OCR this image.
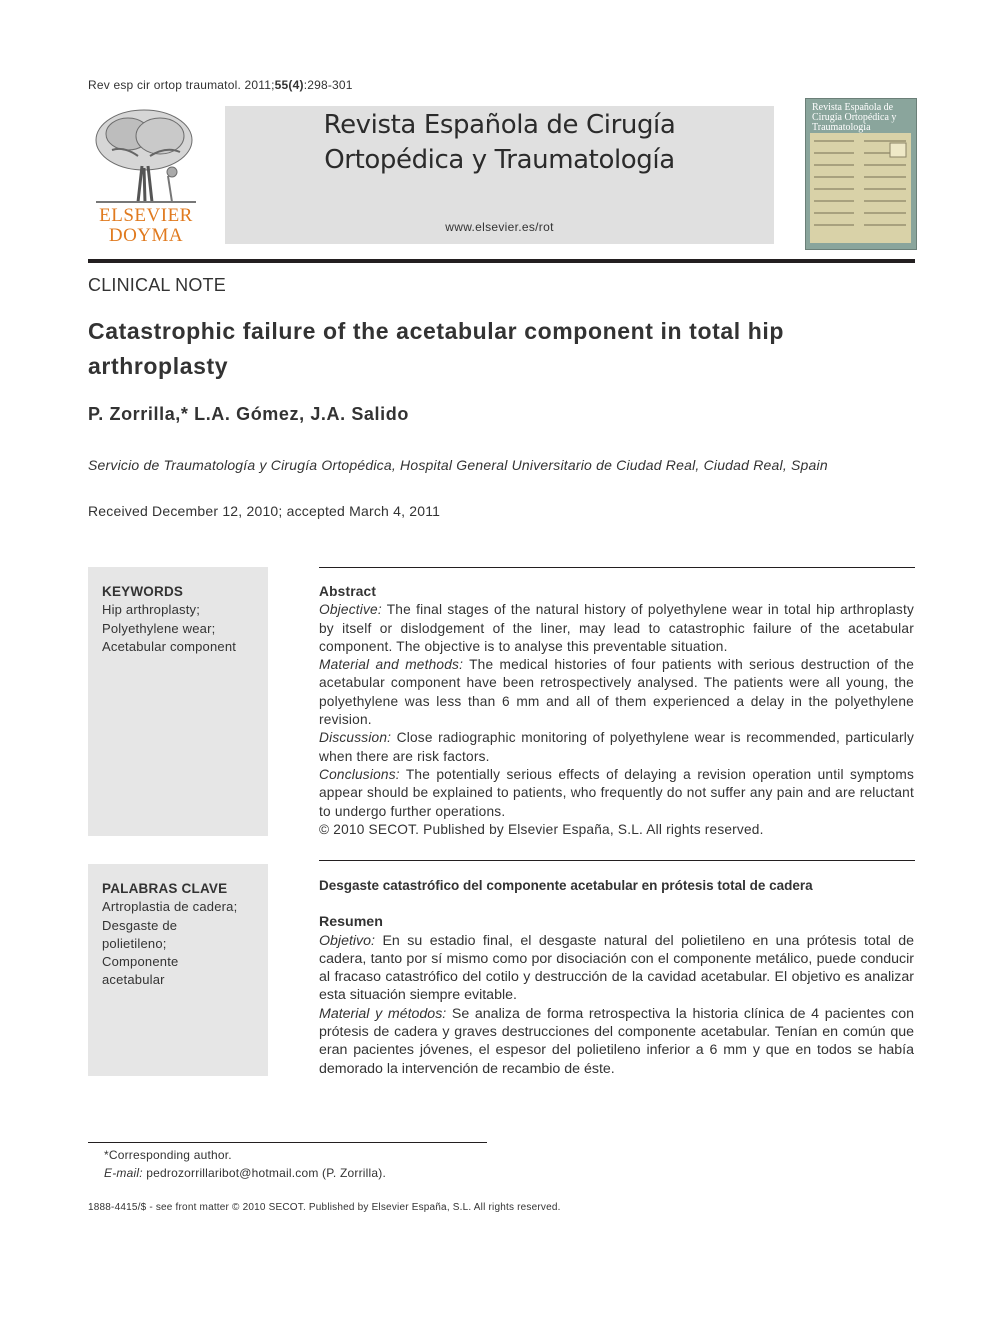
Rev esp cir ortop traumatol. 2011;55(4):298-301
ELSEVIER
DOYMA
Revista Española de Cirugía
Ortopédica y Traumatología
www.elsevier.es/rot
Revista Española de Cirugía Ortopédica y Traumatología
CLINICAL NOTE
Catastrophic failure of the acetabular component in total hip arthroplasty
P. Zorrilla,* L.A. Gómez, J.A. Salido
Servicio de Traumatología y Cirugía Ortopédica, Hospital General Universitario de Ciudad Real, Ciudad Real, Spain
Received December 12, 2010; accepted March 4, 2011
KEYWORDS
Hip arthroplasty;
Polyethylene wear;
Acetabular component

Abstract

Objective: The final stages of the natural history of polyethylene wear in total hip arthroplasty by itself or dislodgement of the liner, may lead to catastrophic failure of the acetabular component. The objective is to analyse this preventable situation.

Material and methods: The medical histories of four patients with serious destruction of the acetabular component have been retrospectively analysed. The patients were all young, the polyethylene was less than 6 mm and all of them experienced a delay in the polyethylene revision.

Discussion: Close radiographic monitoring of polyethylene wear is recommended, particularly when there are risk factors.

Conclusions: The potentially serious effects of delaying a revision operation until symptoms appear should be explained to patients, who frequently do not suffer any pain and are reluctant to undergo further operations.

© 2010 SECOT. Published by Elsevier España, S.L. All rights reserved.

PALABRAS CLAVE
Artroplastia de cadera;
Desgaste de
polietileno;
Componente
acetabular

Desgaste catastrófico del componente acetabular en prótesis total de cadera

Resumen

Objetivo: En su estadio final, el desgaste natural del polietileno en una prótesis total de cadera, tanto por sí mismo como por disociación con el componente metálico, puede conducir al fracaso catastrófico del cotilo y destrucción de la cavidad acetabular. El objetivo es analizar esta situación siempre evitable.

Material y métodos: Se analiza de forma retrospectiva la historia clínica de 4 pacientes con prótesis de cadera y graves destrucciones del componente acetabular. Tenían en común que eran pacientes jóvenes, el espesor del polietileno inferior a 6 mm y que en todos se había demorado la intervención de recambio de éste.

*Corresponding author.
E-mail: pedrozorrillaribot@hotmail.com (P. Zorrilla).
1888-4415/$ - see front matter © 2010 SECOT. Published by Elsevier España, S.L. All rights reserved.
